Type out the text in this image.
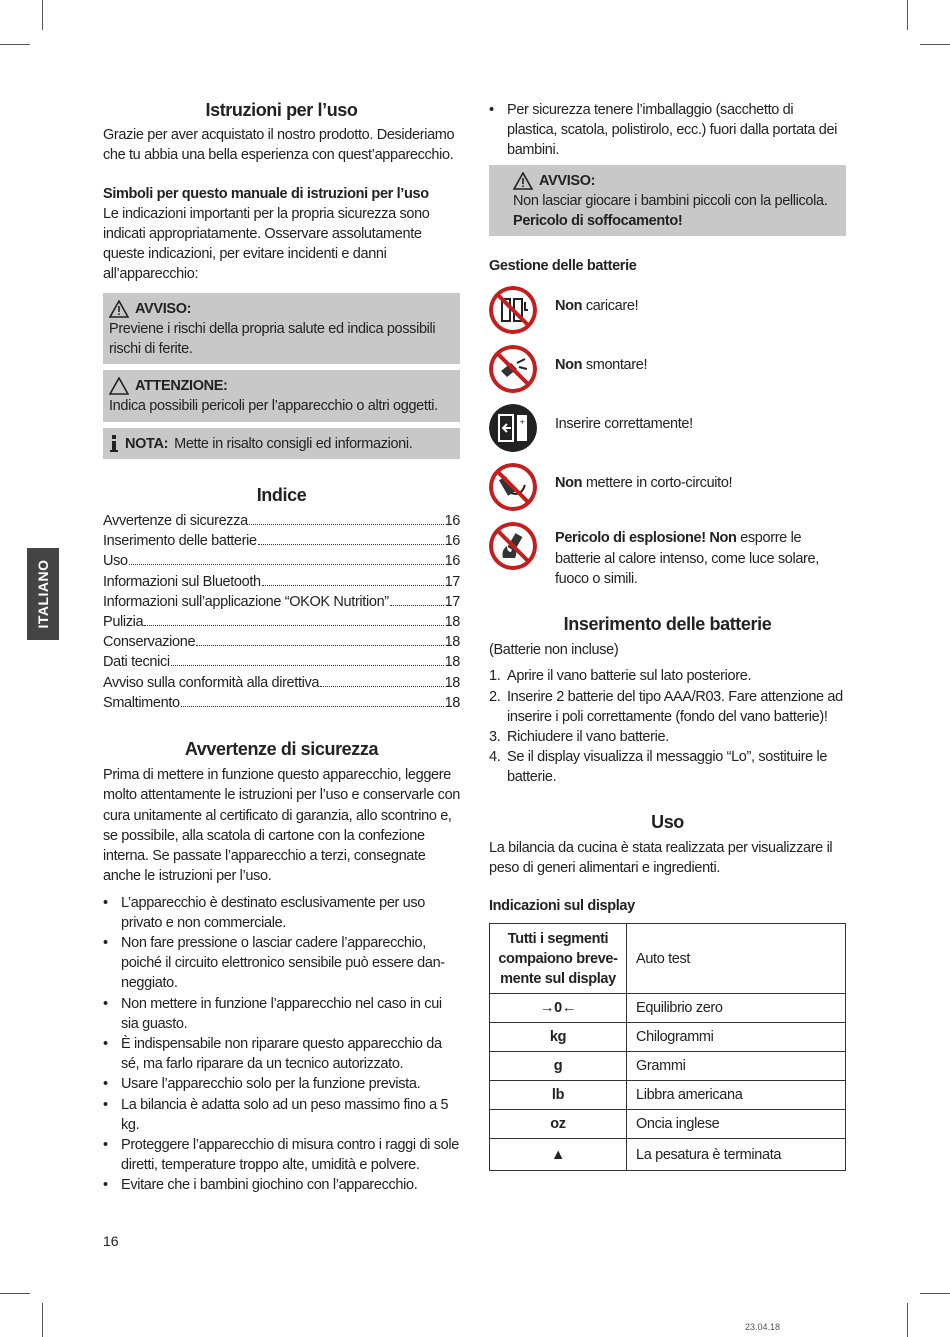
ITALIANO
Istruzioni per l’uso

Grazie per aver acquistato il nostro prodotto. Desideriamo che tu abbia una bella esperienza con quest’apparecchio.

Simboli per questo manuale di istruzioni per l’uso

Le indicazioni importanti per la propria sicurezza sono indicati appropriatamente. Osservare assolutamente queste indicazioni, per evitare incidenti e danni all’apparecchio:

AVVISO:

Previene i rischi della propria salute ed indica possibili rischi di ferite.

ATTENZIONE:

Indica possibili pericoli per l’apparecchio o altri oggetti.

NOTA: Mette in risalto consigli ed informazioni.
Indice
Avvertenze di sicurezza	16
Inserimento delle batterie	16
Uso	16
Informazioni sul Bluetooth	17
Informazioni sull’applicazione “OKOK Nutrition”	17
Pulizia	18
Conservazione	18
Dati tecnici	18
Avviso sulla conformità alla direttiva	18
Smaltimento	18
Avvertenze di sicurezza

Prima di mettere in funzione questo apparecchio, leggere molto attentamente le istruzioni per l’uso e conservarle con cura unitamente al certificato di garanzia, allo scontrino e, se possibile, alla scatola di cartone con la confezione interna. Se passate l’apparecchio a terzi, consegnate anche le istruzioni per l’uso.

• L’apparecchio è destinato esclusivamente per uso privato e non commerciale.
• Non fare pressione o lasciar cadere l’apparecchio, poiché il circuito elettronico sensibile può essere dan-neggiato.
• Non mettere in funzione l’apparecchio nel caso in cui sia guasto.
• È indispensabile non riparare questo apparecchio da sé, ma farlo riparare da un tecnico autorizzato.
• Usare l’apparecchio solo per la funzione prevista.
• La bilancia è adatta solo ad un peso massimo fino a 5 kg.
• Proteggere l’apparecchio di misura contro i raggi di sole diretti, temperature troppo alte, umidità e polvere.
• Evitare che i bambini giochino con l’apparecchio.
• Per sicurezza tenere l’imballaggio (sacchetto di plastica, scatola, polistirolo, ecc.) fuori dalla portata dei bambini.
AVVISO:

Non lasciar giocare i bambini piccoli con la pellicola.

Pericolo di soffocamento!

Gestione delle batterie

Non caricare!

Non smontare!

+ Inserire correttamente!

Non mettere in corto-circuito!

Pericolo di esplosione! Non esporre le batterie al calore intenso, come luce solare, fuoco o simili.

Inserimento delle batterie

(Batterie non incluse)

1. Aprire il vano batterie sul lato posteriore.
2. Inserire 2 batterie del tipo AAA/R03. Fare attenzione ad inserire i poli correttamente (fondo del vano batterie)!
3. Richiudere il vano batterie.
4. Se il display visualizza il messaggio “Lo”, sostituire le batterie.
Uso

La bilancia da cucina è stata realizzata per visualizzare il peso di generi alimentari e ingredienti.

Indicazioni sul display

Tutti i segmenti compaiono breve-mente sul display	Auto test
→0←	Equilibrio zero
kg	Chilogrammi
g	Grammi
lb	Libbra americana
oz	Oncia inglese
▲	La pesatura è terminata
16
23.04.18
